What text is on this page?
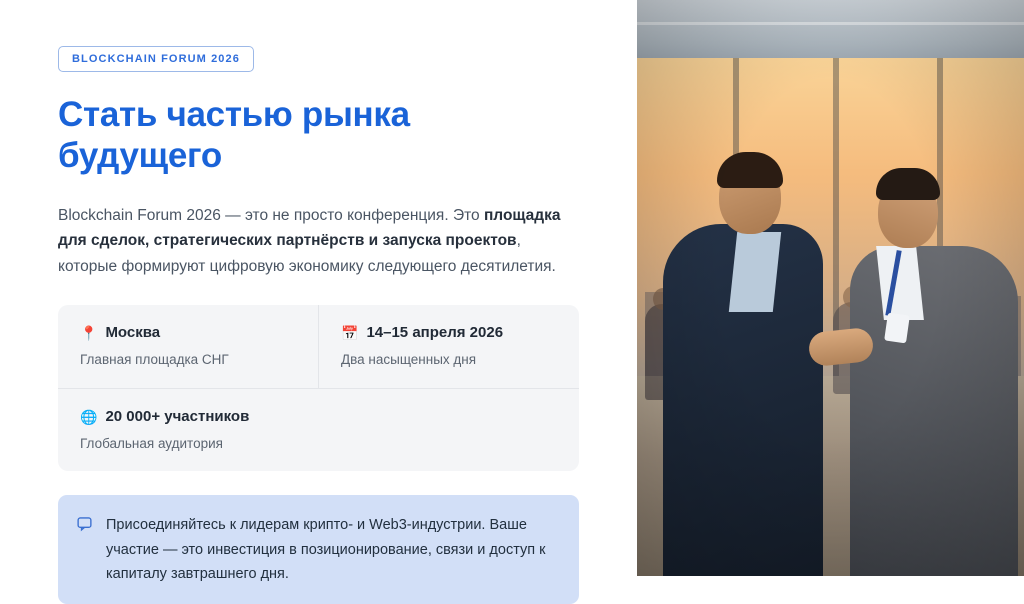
BLOCKCHAIN FORUM 2026
Стать частью рынка будущего

Blockchain Forum 2026 — это не просто конференция. Это площадка для сделок, стратегических партнёрств и запуска проектов, которые формируют цифровую экономику следующего десятилетия.

📍 Москва
Главная площадка СНГ
📅 14–15 апреля 2026
Два насыщенных дня
🌐 20 000+ участников
Глобальная аудитория
Присоединяйтесь к лидерам крипто- и Web3-индустрии. Ваше участие — это инвестиция в позиционирование, связи и доступ к капиталу завтрашнего дня.
